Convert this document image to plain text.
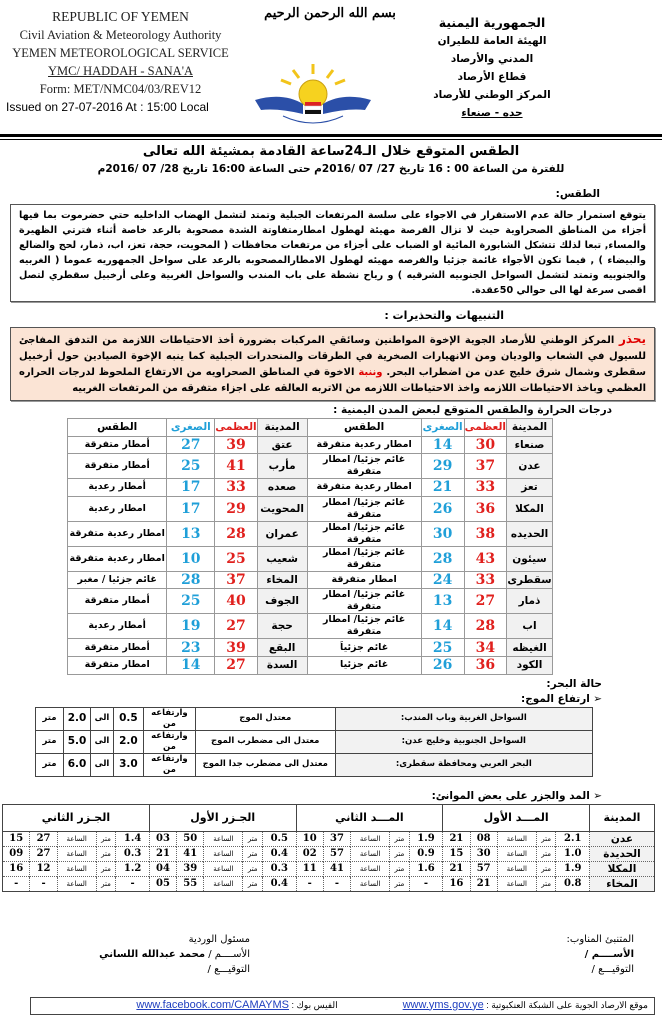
REPUBLIC OF YEMEN
Civil Aviation & Meteorology Authority
YEMEN METEOROLOGICAL SERVICE
YMC/ HADDAH - SANA'A
Form: MET/NMC04/03/REV12
Issued on 27-07-2016 At : 15:00 Local
بسم الله الرحمن الرحيم
الجمهورية اليمنية
الهيئة العامة للطيران المدني والأرصاد
قطاع الأرصاد
المركز الوطني للأرصاد
حده - صنعاء
الطقس المتوقع خلال الـ24ساعة القادمة بمشيئة الله تعالى
للفترة من الساعة 00 : 16 تاريخ 27/ 07 /2016م حتى الساعة 16:00 تاريخ 28/ 07 /2016م
الطقس:
يتوقع استمرار حالة عدم الاستقرار في الاجواء على سلسة المرتفعات الجبلية وتمتد لتشمل الهضاب الداخليه حتي حضرموت بما فيها أجزاء من المناطق الصحراوية حيث لا تزال الفرصة مهيئة لهطول امطارمتفاوتة الشدة مصحوبة بالرعد خاصة أثناء فترتي الظهيرة والمساء, تبعا لذلك تتشكل الشابورة المائية او الضباب على أجزاء من مرتفعات محافظات ( المحويت، حجة، تعز، اب، ذمار، لحج والضالع والبيضاء ) , فيما تكون الأجواء غائمة جزئيا والفرصه مهيئه لهطول الامطارالمصحوبه بالرعد على سواحل الجمهوريه عموما ( الغربيه والجنوبيه وتمتد لتشمل السواحل الجنوبيه الشرقيه ) و رياح نشطة على باب المندب والسواحل الغربية وعلى أرخبيل سقطري لتصل اقصى سرعة لها الى حوالي 50عقدة.
التنبيهات والتحذيرات :
يحذر المركز الوطني للأرصاد الجوية الإخوة المواطنين وسائقي المركبات بضرورة أخذ الاحتياطات اللازمة من التدفق المفاجئ للسيول في الشعاب والوديان ومن الانهيارات الصخرية في الطرقات والمنحدرات الجبلية كما ينبه الإخوة الصيادين حول أرخبيل سقطرى وشمال شرق خليج عدن من اضطراب البحر. وننبة الاخوة في المناطق الصحراويه من الارتفاع الملحوظ لدرجات الحراره العظمي وباخذ الاحتياطات اللازمه واخذ الاحتياطات اللازمه من الاتربه العالقه على اجزاء متفرقه من المرتفعات الغربيه
درجات الحرارة والطقس المتوقع لبعض المدن اليمنية :
المدينة	العظمى	الصغرى	الطقس	المدينة	العظمى	الصغرى	الطقس
صنعاء	30	14	امطار رعدية متفرقة	عتق	39	27	أمطار متفرقة
عدن	37	29	غائم جزئيا/ امطار متفرقة	مأرب	41	25	أمطار متفرقة
تعز	33	21	امطار رعدية متفرقة	صعده	33	17	أمطار رعدية
المكلا	36	26	غائم جزئيا/ امطار متفرقة	المحويت	29	17	امطار رعدية
الحديده	38	30	غائم جزئيا/ امطار متفرقة	عمران	28	13	امطار رعدية متفرقة
سيئون	43	28	غائم جزئيا/ امطار متفرقة	شعيب	25	10	امطار رعدية متفرقة
سقطرى	33	24	امطار متفرقة	المخاء	37	28	غائم جزئيا / مغبر
ذمار	27	13	غائم جزئيا/ امطار متفرقة	الجوف	40	25	أمطار متفرقة
اب	28	14	غائم جزئيا/ امطار متفرقة	حجة	27	19	أمطار رعدية
الغيظه	34	25	غائم جزئياَ	البقع	39	23	أمطار متفرقة
الكود	36	26	غائم جزئيا	السدة	27	14	امطار متفرقة
حالة البحر:
➢ ارتفاع الموج:
السواحل الغربية وباب المندب:	معتدل الموج	وارتفاعه من	0.5	الى	2.0	متر
السواحل الجنوبية وخليج عدن:	معتدل الى مضطرب الموج	وارتفاعه من	2.0	الى	5.0	متر
البحر العربي ومحافظة سقطرى:	معتدل الى مضطرب جدا الموج	وارتفاعه من	3.0	الى	6.0	متر
➢ المد والجزر على بعض الموانئ:
المدينة	المـــد الأول					المـــد الثاني					الجـزر الأول					الجـزر الثاني				
عدن	2.1	متر	الساعة	08	21	1.9	متر	الساعة	37	10	0.5	متر	الساعة	50	03	1.4	متر	الساعة	27	15
الحديدة	1.0	متر	الساعة	30	15	0.9	متر	الساعة	57	02	0.4	متر	الساعة	41	21	0.3	متر	الساعة	27	09
المكلا	1.9	متر	الساعة	57	21	1.6	متر	الساعة	41	11	0.3	متر	الساعة	39	04	1.2	متر	الساعة	12	16
المخاء	0.8	متر	الساعة	21	16	-	متر	الساعة	-	-	0.4	متر	الساعة	55	05	-	متر	الساعة	-	-
المتنبئ المناوب:
الأســــم /
التوقيـــع /
مسئول الوردية
الأســــم / محمد عبدالله اللساني
التوقيـــع /
موقع الارصاد الجوية على الشبكة العنكبوتية : www.yms.gov.ye  الفيس بوك : www.facebook.com/CAMAYMS
